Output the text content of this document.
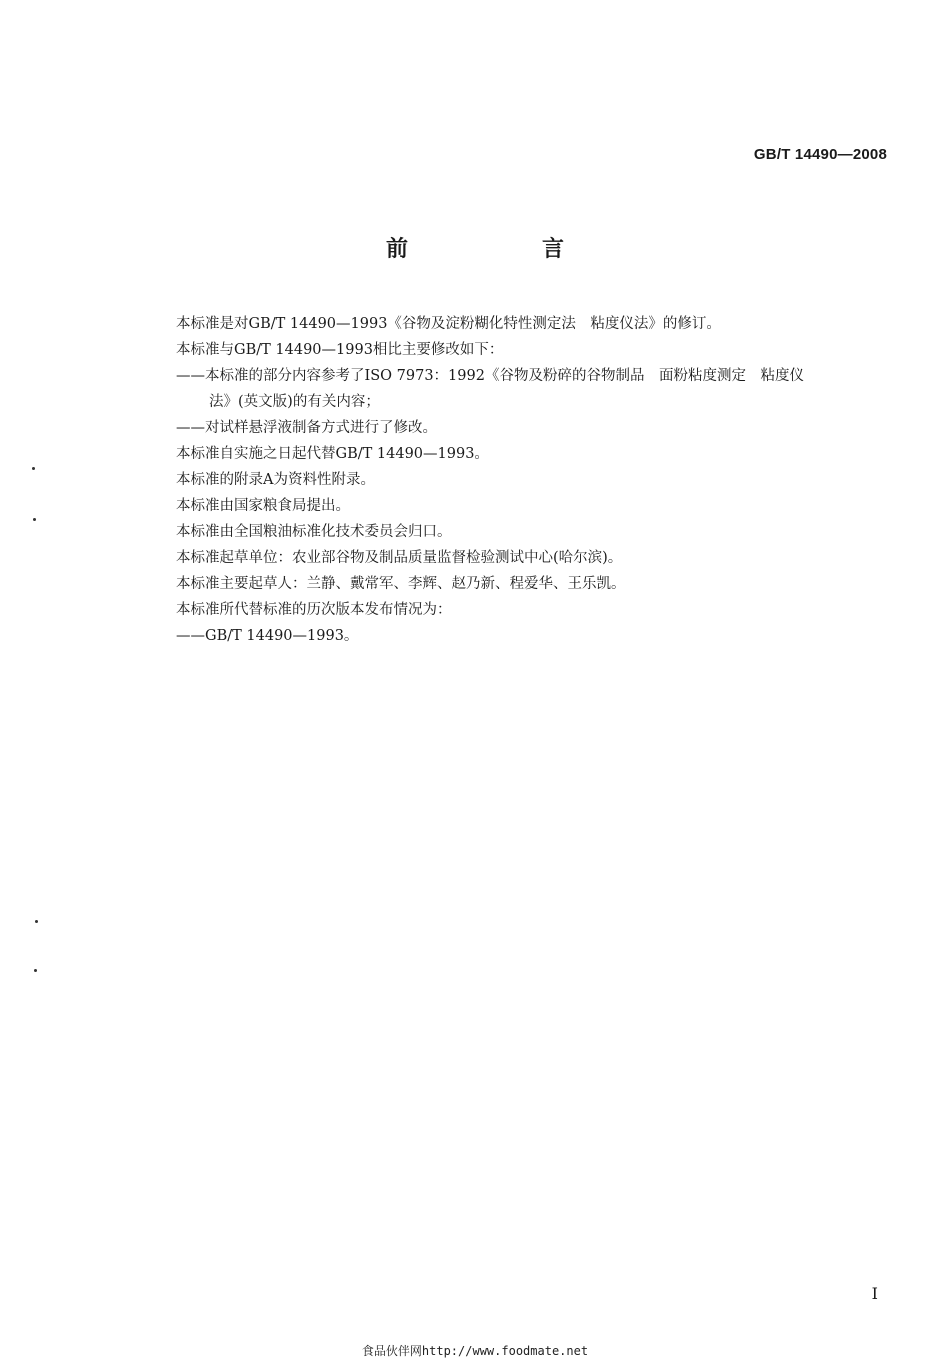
GB/T 14490—2008
前　言

本标准是对GB/T 14490—1993《谷物及淀粉糊化特性测定法　粘度仪法》的修订。

本标准与GB/T 14490—1993相比主要修改如下：

——本标准的部分内容参考了ISO 7973：1992《谷物及粉碎的谷物制品　面粉粘度测定　粘度仪

法》(英文版)的有关内容；

——对试样悬浮液制备方式进行了修改。

本标准自实施之日起代替GB/T 14490—1993。

本标准的附录A为资料性附录。

本标准由国家粮食局提出。

本标准由全国粮油标准化技术委员会归口。

本标准起草单位：农业部谷物及制品质量监督检验测试中心(哈尔滨)。

本标准主要起草人：兰静、戴常军、李辉、赵乃新、程爱华、王乐凯。

本标准所代替标准的历次版本发布情况为：

——GB/T 14490—1993。

I
食品伙伴网http://www.foodmate.net
